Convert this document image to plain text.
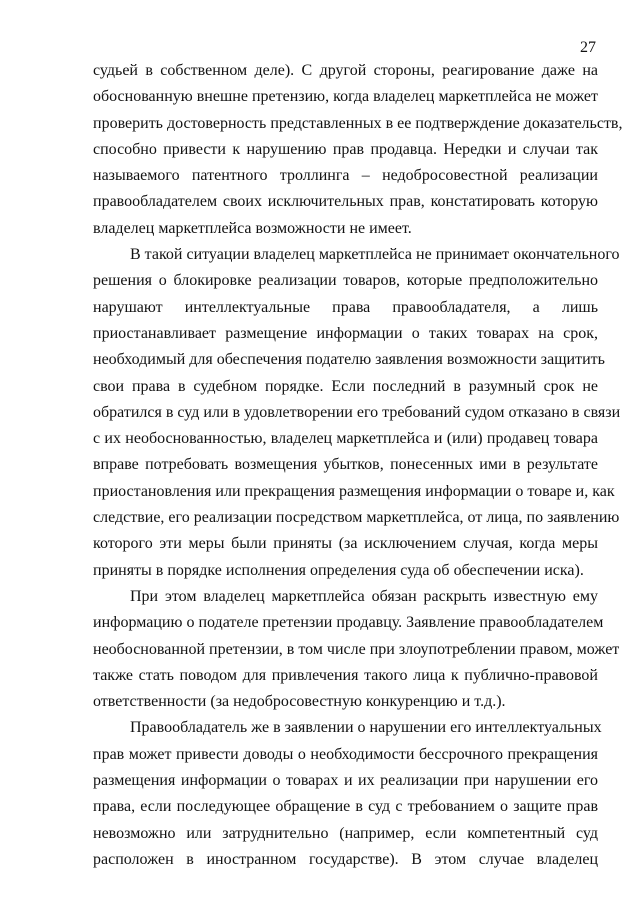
27
судьей в собственном деле). С другой стороны, реагирование даже на
обоснованную внешне претензию, когда владелец маркетплейса не может
проверить достоверность представленных в ее подтверждение доказательств,
способно привести к нарушению прав продавца. Нередки и случаи так
называемого патентного троллинга – недобросовестной реализации
правообладателем своих исключительных прав, констатировать которую
владелец маркетплейса возможности не имеет.
В такой ситуации владелец маркетплейса не принимает окончательного
решения о блокировке реализации товаров, которые предположительно
нарушают интеллектуальные права правообладателя, а лишь
приостанавливает размещение информации о таких товарах на срок,
необходимый для обеспечения подателю заявления возможности защитить
свои права в судебном порядке. Если последний в разумный срок не
обратился в суд или в удовлетворении его требований судом отказано в связи
с их необоснованностью, владелец маркетплейса и (или) продавец товара
вправе потребовать возмещения убытков, понесенных ими в результате
приостановления или прекращения размещения информации о товаре и, как
следствие, его реализации посредством маркетплейса, от лица, по заявлению
которого эти меры были приняты (за исключением случая, когда меры
приняты в порядке исполнения определения суда об обеспечении иска).
При этом владелец маркетплейса обязан раскрыть известную ему
информацию о подателе претензии продавцу. Заявление правообладателем
необоснованной претензии, в том числе при злоупотреблении правом, может
также стать поводом для привлечения такого лица к публично-правовой
ответственности (за недобросовестную конкуренцию и т.д.).
Правообладатель же в заявлении о нарушении его интеллектуальных
прав может привести доводы о необходимости бессрочного прекращения
размещения информации о товарах и их реализации при нарушении его
права, если последующее обращение в суд с требованием о защите прав
невозможно или затруднительно (например, если компетентный суд
расположен в иностранном государстве). В этом случае владелец
